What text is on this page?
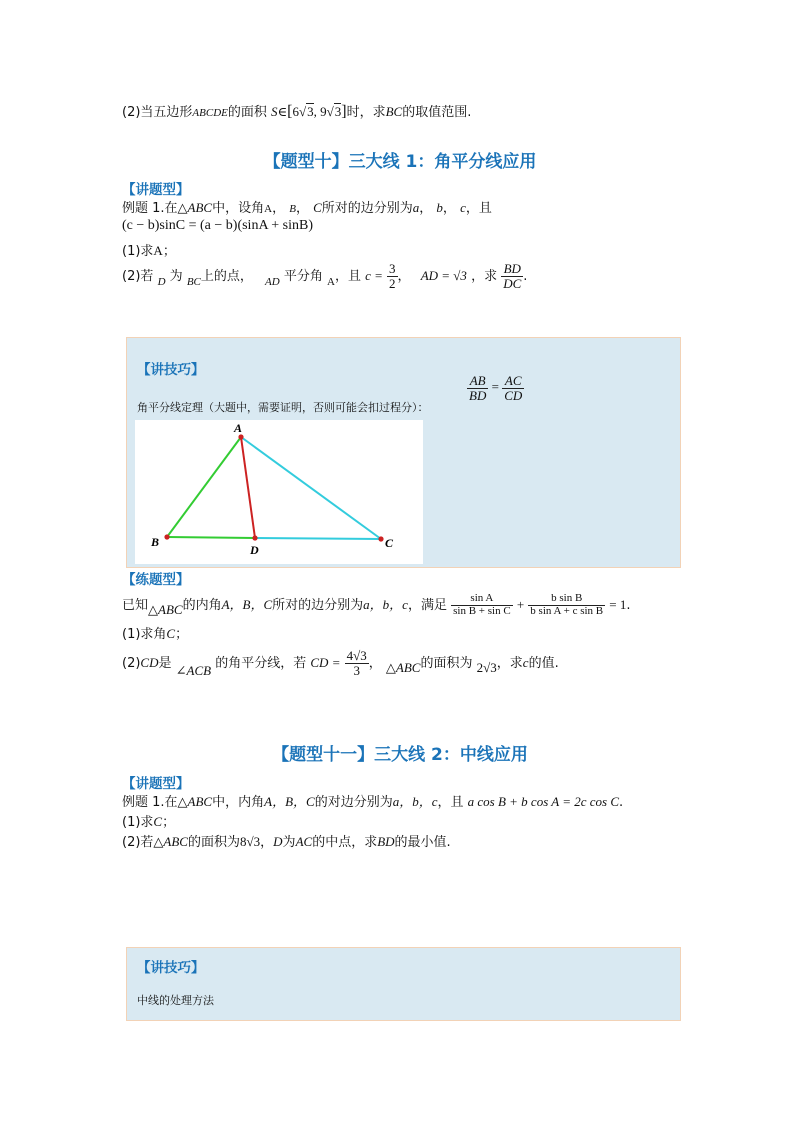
(2)当五边形ABCDE的面积 S∈[6√3, 9√3]时，求BC的取值范围.
【题型十】三大线 1：角平分线应用
【讲题型】
例题 1.在△ABC中，设角A， B， C所对的边分别为a， b， c，且
(c − b)sinC = (a − b)(sinA + sinB)
(1)求A；
(2)若 $_D$ 为 $_{BC}$上的点， $_{AD}$ 平分角 $_A$，且 $c = \frac{3}{2}$ ， AD = √3 ，求 $\frac{BD}{DC}$ .
【讲技巧】
角平分线定理（大题中，需要证明，否则可能会扣过程分）：
$\frac{AB}{BD} = \frac{AC}{CD}$
A
B
D	C
【练题型】
已知△ABC的内角A，B，C所对的边分别为a，b，c，满足 $\frac{\text{sin A}}{\text{sin B + sin C}} + \frac{\text{b sin B}}{\text{b sin A + c sin B}} = 1$.
(1)求角C；
(2)CD是 ∠ACB 的角平分线，若 CD = $\frac{4√3}{3}$ ， △ABC的面积为 2√3，求c的值.
【题型十一】三大线 2：中线应用
【讲题型】
例题 1.在△ABC中，内角A，B，C的对边分别为a，b，c，且 a cos B + b cos A = 2c cos C.
(1)求C；
(2)若△ABC的面积为8√3，D为AC的中点，求BD的最小值.
【讲技巧】
中线的处理方法
